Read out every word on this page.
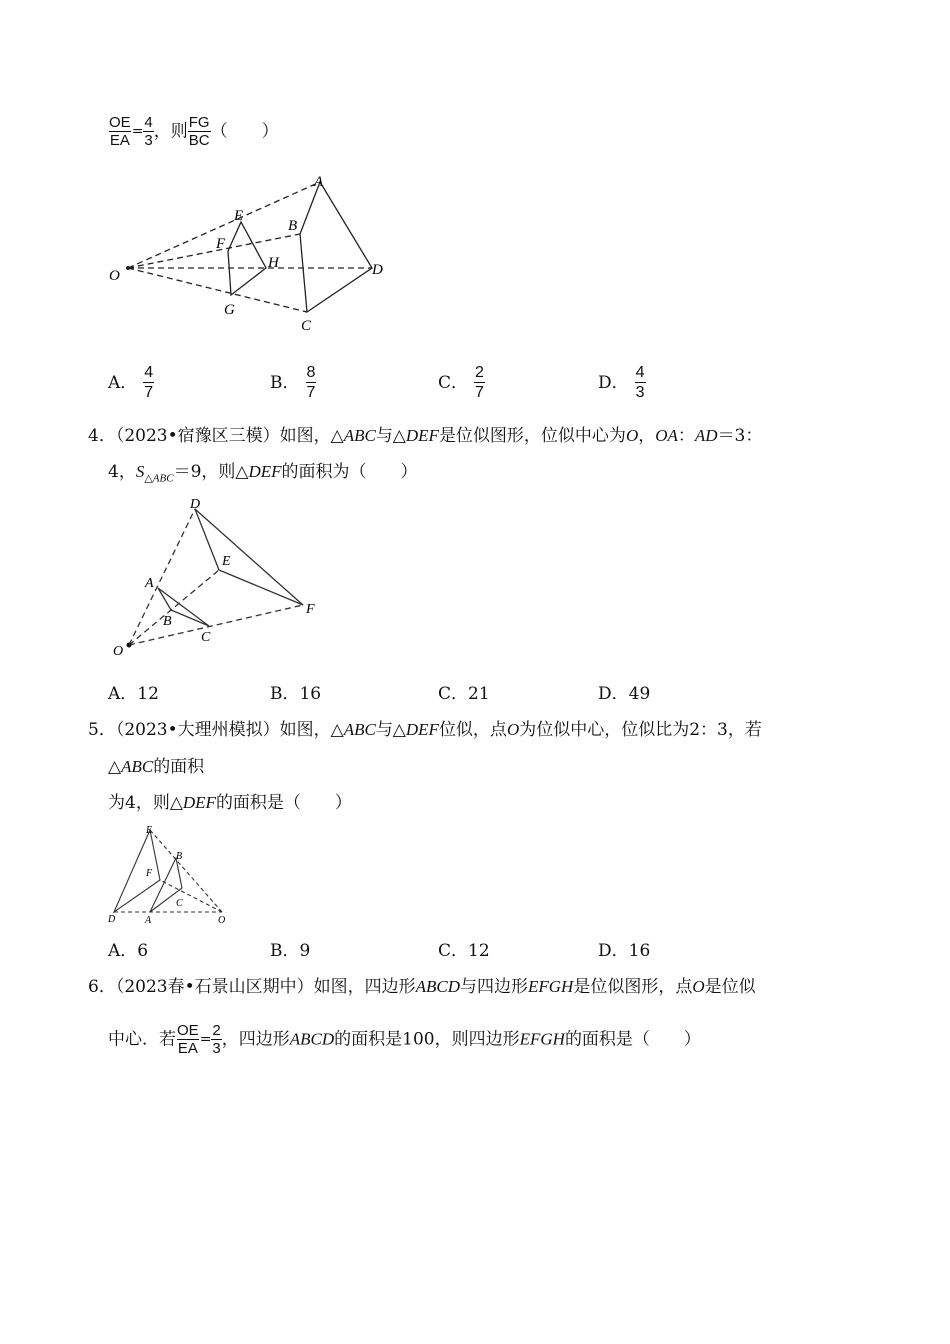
$\frac{OE}{EA} = \frac{4}{3}$ ，则 $\frac{FG}{BC}$ （　　）
A
B
C
D
E
F
G
H
O
A． $\frac{4}{7}$	B． $\frac{8}{7}$	C． $\frac{2}{7}$	D． $\frac{4}{3}$
4．（2023•宿豫区三模）如图，△ABC与△DEF是位似图形，位似中心为O，OA：AD＝3：
4，$S_{\triangle ABC}=9$，则△DEF的面积为（　　）
D
E
F
A
B
C
O
A．12	B．16	C．21	D．49
5．（2023•大理州模拟）如图，△ABC与△DEF位似，点O为位似中心，位似比为2：3，若
△ABC的面积
为4，则△DEF的面积是（　　）
E
F
D
B
C
A	O
A．6	B．9	C．12	D．16
6．（2023春•石景山区期中）如图，四边形ABCD与四边形EFGH是位似图形，点O是位似
中心．若 $\frac{OE}{EA} = \frac{2}{3}$ ，四边形ABCD的面积是100，则四边形EFGH的面积是（　　）
